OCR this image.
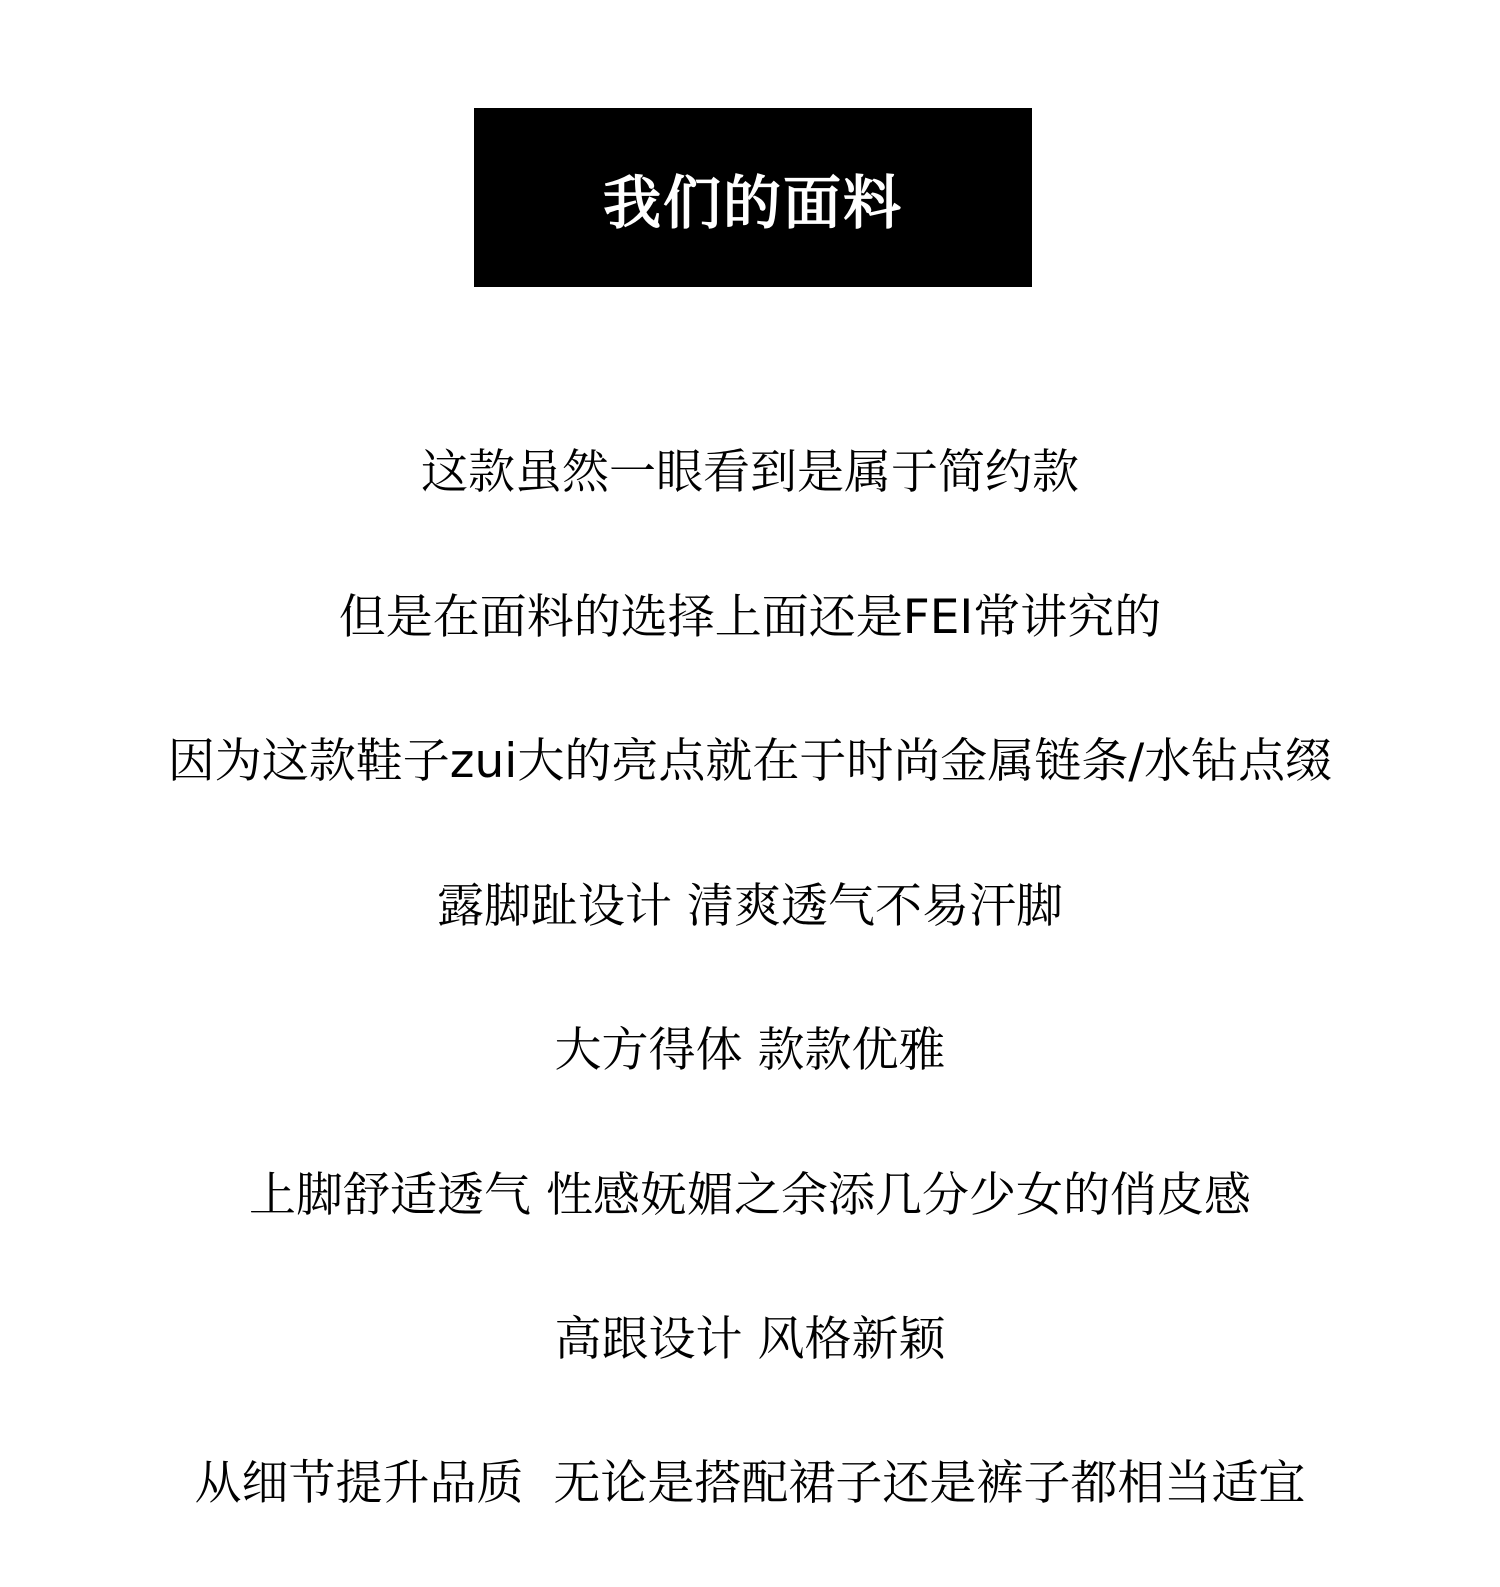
我们的面料
这款虽然一眼看到是属于简约款
但是在面料的选择上面还是FEI常讲究的
因为这款鞋子zui大的亮点就在于时尚金属链条/水钻点缀
露脚趾设计 清爽透气不易汗脚
大方得体 款款优雅
上脚舒适透气 性感妩媚之余添几分少女的俏皮感
高跟设计 风格新颖
从细节提升品质  无论是搭配裙子还是裤子都相当适宜
